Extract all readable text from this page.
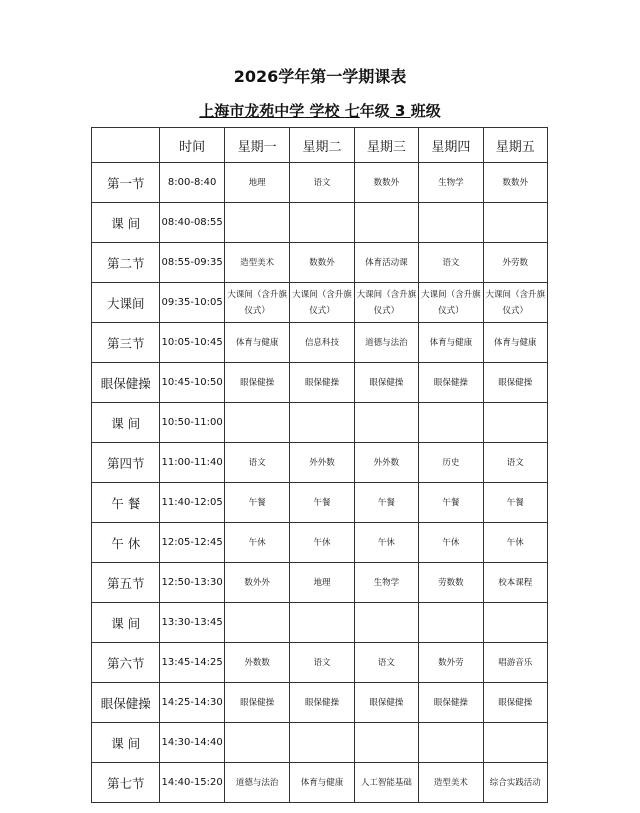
2026学年第一学期课表
上海市龙苑中学 学校 七年级 3 班级
	时间	星期一	星期二	星期三	星期四	星期五
第一节	8:00-8:40	地理	语文	数数外	生物学	数数外
课 间	08:40-08:55					
第二节	08:55-09:35	造型美术	数数外	体育活动课	语文	外劳数
大课间	09:35-10:05	大课间（含升旗仪式）	大课间（含升旗仪式）	大课间（含升旗仪式）	大课间（含升旗仪式）	大课间（含升旗仪式）
第三节	10:05-10:45	体育与健康	信息科技	道德与法治	体育与健康	体育与健康
眼保健操	10:45-10:50	眼保健操	眼保健操	眼保健操	眼保健操	眼保健操
课 间	10:50-11:00					
第四节	11:00-11:40	语文	外外数	外外数	历史	语文
午 餐	11:40-12:05	午餐	午餐	午餐	午餐	午餐
午 休	12:05-12:45	午休	午休	午休	午休	午休
第五节	12:50-13:30	数外外	地理	生物学	劳数数	校本课程
课 间	13:30-13:45					
第六节	13:45-14:25	外数数	语文	语文	数外劳	唱游音乐
眼保健操	14:25-14:30	眼保健操	眼保健操	眼保健操	眼保健操	眼保健操
课 间	14:30-14:40					
第七节	14:40-15:20	道德与法治	体育与健康	人工智能基础	造型美术	综合实践活动
